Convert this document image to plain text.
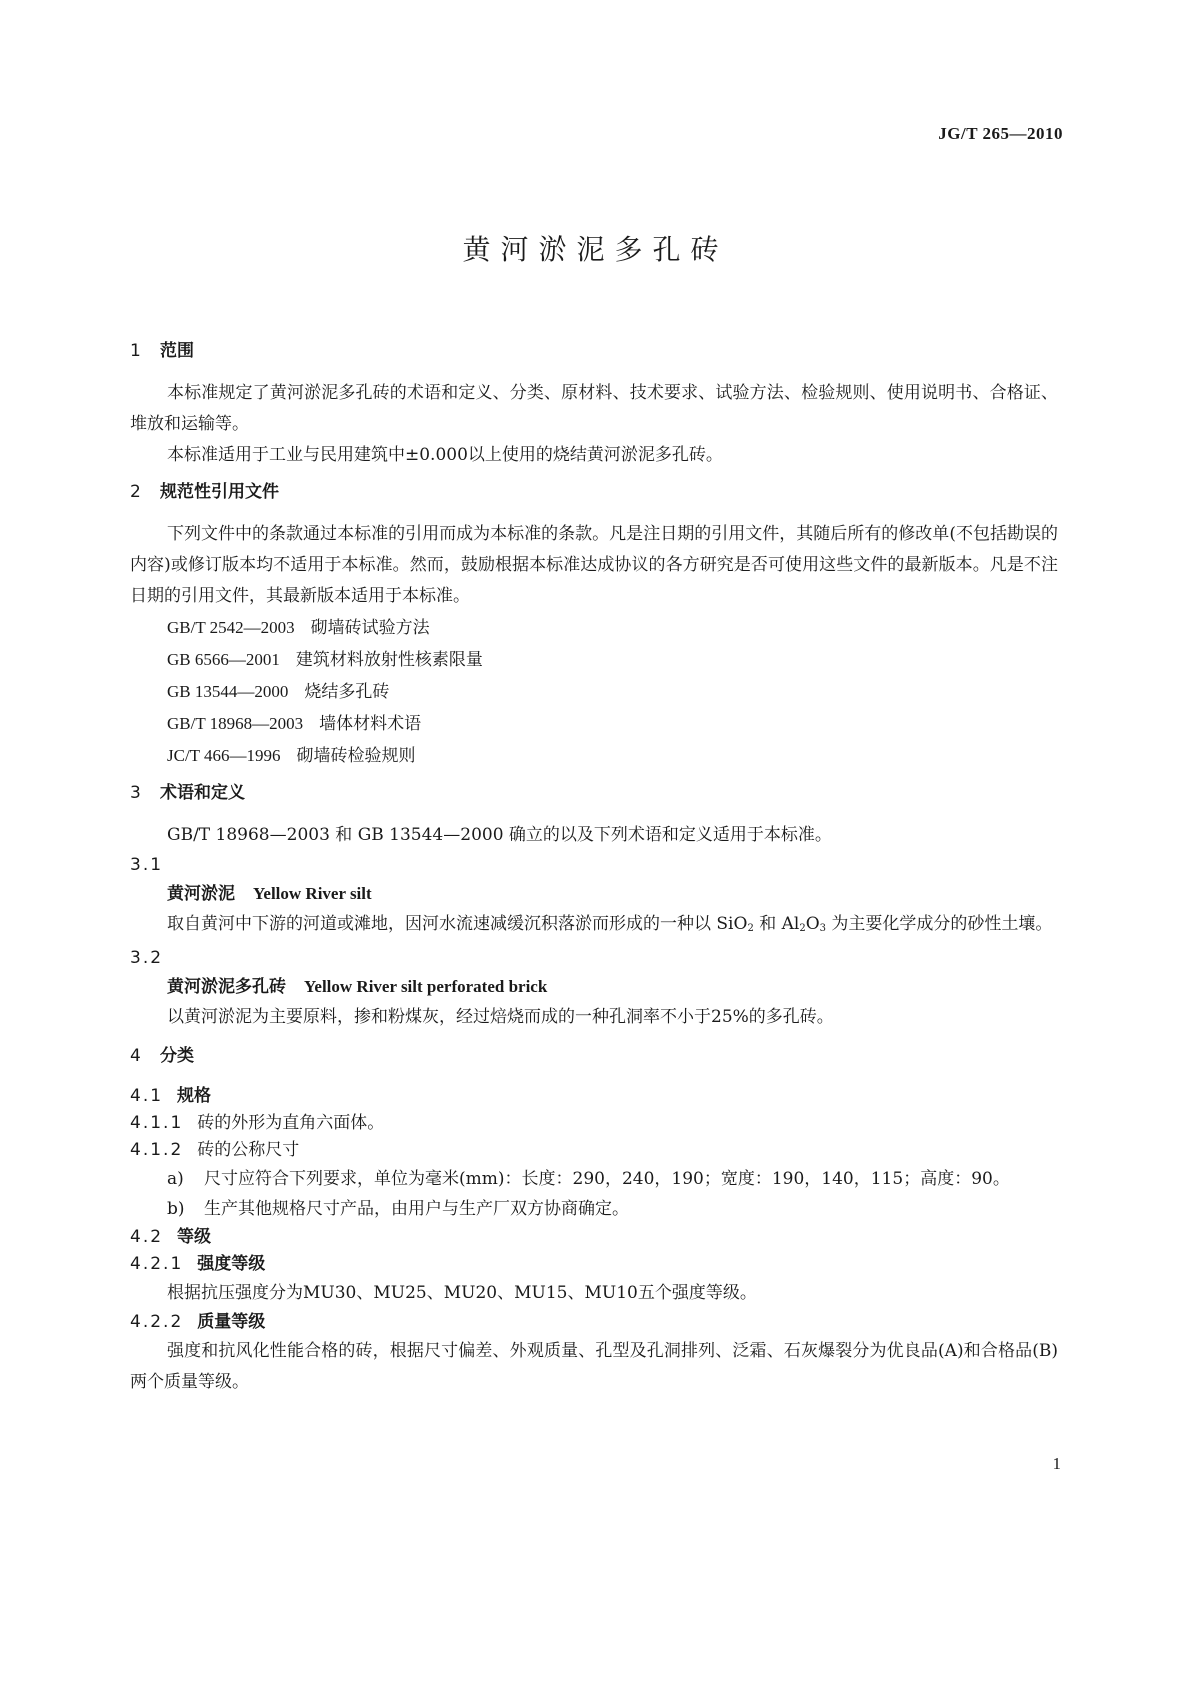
JG/T 265—2010
黄河淤泥多孔砖
1 范围

本标准规定了黄河淤泥多孔砖的术语和定义、分类、原材料、技术要求、试验方法、检验规则、使用说明书、合格证、堆放和运输等。

本标准适用于工业与民用建筑中±0.000以上使用的烧结黄河淤泥多孔砖。

2 规范性引用文件

下列文件中的条款通过本标准的引用而成为本标准的条款。凡是注日期的引用文件，其随后所有的修改单(不包括勘误的内容)或修订版本均不适用于本标准。然而，鼓励根据本标准达成协议的各方研究是否可使用这些文件的最新版本。凡是不注日期的引用文件，其最新版本适用于本标准。

GB/T 2542—2003 砌墙砖试验方法

GB 6566—2001 建筑材料放射性核素限量

GB 13544—2000 烧结多孔砖

GB/T 18968—2003 墙体材料术语

JC/T 466—1996 砌墙砖检验规则

3 术语和定义

GB/T 18968—2003 和 GB 13544—2000 确立的以及下列术语和定义适用于本标准。

3.1

黄河淤泥 Yellow River silt

取自黄河中下游的河道或滩地，因河水流速减缓沉积落淤而形成的一种以 SiO$_2$ 和 $Al_2O_3$ 为主要化学成分的砂性土壤。

3.2

黄河淤泥多孔砖 Yellow River silt perforated brick

以黄河淤泥为主要原料，掺和粉煤灰，经过焙烧而成的一种孔洞率不小于25%的多孔砖。

4 分类
4.1 规格
4.1.1 砖的外形为直角六面体。
4.1.2 砖的公称尺寸

a) 尺寸应符合下列要求，单位为毫米(mm)：长度：290，240，190；宽度：190，140，115；高度：90。

b) 生产其他规格尺寸产品，由用户与生产厂双方协商确定。

4.2 等级
4.2.1 强度等级

根据抗压强度分为MU30、MU25、MU20、MU15、MU10五个强度等级。

4.2.2 质量等级

强度和抗风化性能合格的砖，根据尺寸偏差、外观质量、孔型及孔洞排列、泛霜、石灰爆裂分为优良品(A)和合格品(B)两个质量等级。

1
